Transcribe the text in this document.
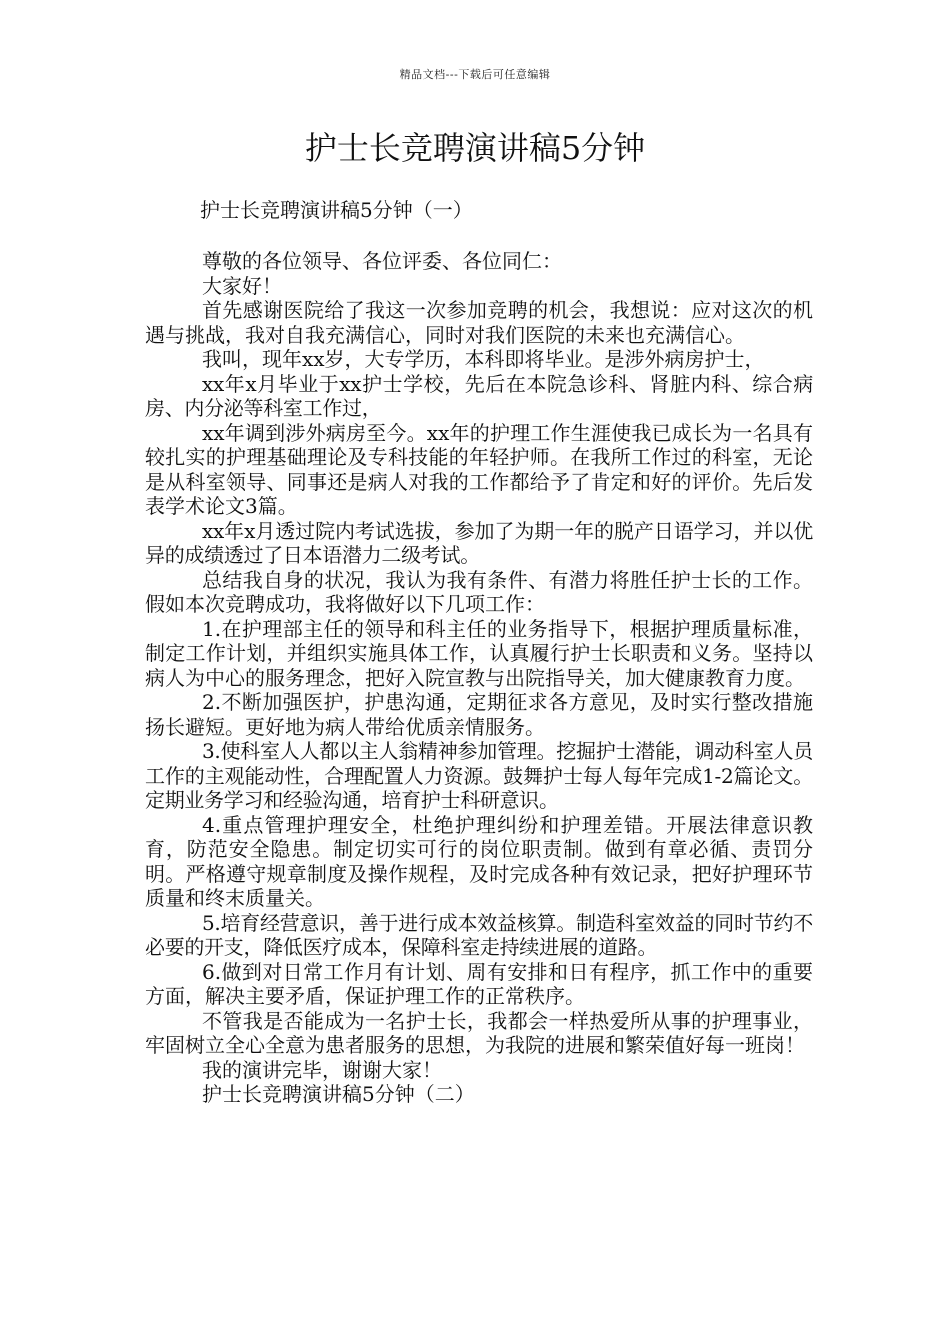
精品文档---下载后可任意编辑
护士长竞聘演讲稿5分钟
护士长竞聘演讲稿5分钟（一）

尊敬的各位领导、各位评委、各位同仁：

大家好！

首先感谢医院给了我这一次参加竞聘的机会，我想说：应对这次的机遇与挑战，我对自我充满信心，同时对我们医院的未来也充满信心。

我叫，现年xx岁，大专学历，本科即将毕业。是涉外病房护士，

xx年x月毕业于xx护士学校，先后在本院急诊科、肾脏内科、综合病房、内分泌等科室工作过，

xx年调到涉外病房至今。xx年的护理工作生涯使我已成长为一名具有较扎实的护理基础理论及专科技能的年轻护师。在我所工作过的科室，无论是从科室领导、同事还是病人对我的工作都给予了肯定和好的评价。先后发表学术论文3篇。

xx年x月透过院内考试选拔，参加了为期一年的脱产日语学习，并以优异的成绩透过了日本语潜力二级考试。

总结我自身的状况，我认为我有条件、有潜力将胜任护士长的工作。假如本次竞聘成功，我将做好以下几项工作：

1.在护理部主任的领导和科主任的业务指导下，根据护理质量标准，制定工作计划，并组织实施具体工作，认真履行护士长职责和义务。坚持以病人为中心的服务理念，把好入院宣教与出院指导关，加大健康教育力度。

2.不断加强医护，护患沟通，定期征求各方意见，及时实行整改措施扬长避短。更好地为病人带给优质亲情服务。

3.使科室人人都以主人翁精神参加管理。挖掘护士潜能，调动科室人员工作的主观能动性，合理配置人力资源。鼓舞护士每人每年完成1-2篇论文。定期业务学习和经验沟通，培育护士科研意识。

4.重点管理护理安全，杜绝护理纠纷和护理差错。开展法律意识教育，防范安全隐患。制定切实可行的岗位职责制。做到有章必循、责罚分明。严格遵守规章制度及操作规程，及时完成各种有效记录，把好护理环节质量和终末质量关。

5.培育经营意识，善于进行成本效益核算。制造科室效益的同时节约不必要的开支，降低医疗成本，保障科室走持续进展的道路。

6.做到对日常工作月有计划、周有安排和日有程序，抓工作中的重要方面，解决主要矛盾，保证护理工作的正常秩序。

不管我是否能成为一名护士长，我都会一样热爱所从事的护理事业，牢固树立全心全意为患者服务的思想，为我院的进展和繁荣值好每一班岗！

我的演讲完毕，谢谢大家！

护士长竞聘演讲稿5分钟（二）
